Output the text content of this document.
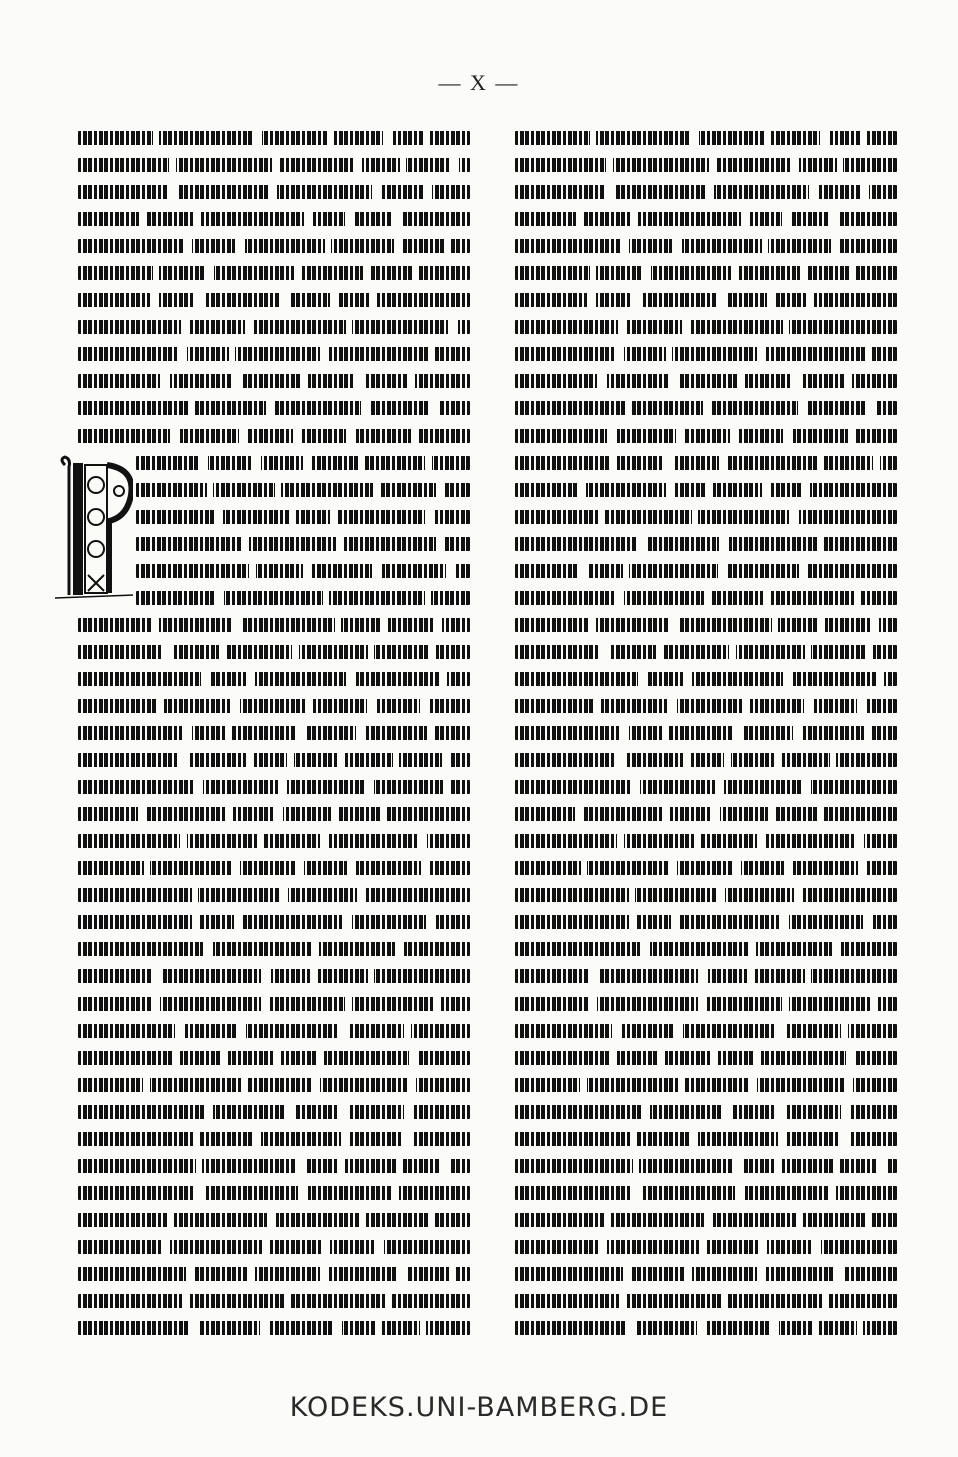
— X —
KODEKS.UNI-BAMBERG.DE
